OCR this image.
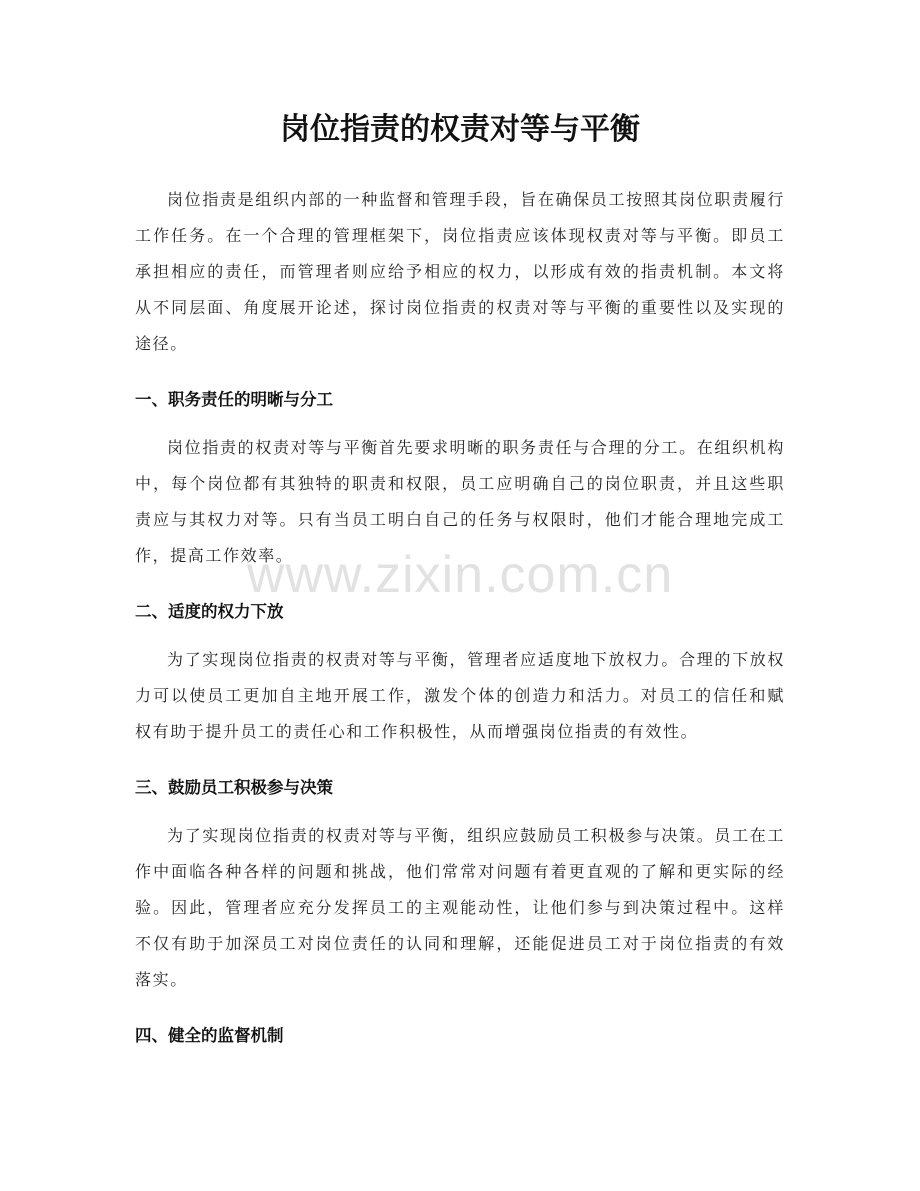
岗位指责的权责对等与平衡

岗位指责是组织内部的一种监督和管理手段，旨在确保员工按照其岗位职责履行工作任务。在一个合理的管理框架下，岗位指责应该体现权责对等与平衡。即员工承担相应的责任，而管理者则应给予相应的权力，以形成有效的指责机制。本文将从不同层面、角度展开论述，探讨岗位指责的权责对等与平衡的重要性以及实现的途径。

一、职务责任的明晰与分工

岗位指责的权责对等与平衡首先要求明晰的职务责任与合理的分工。在组织机构中，每个岗位都有其独特的职责和权限，员工应明确自己的岗位职责，并且这些职责应与其权力对等。只有当员工明白自己的任务与权限时，他们才能合理地完成工作，提高工作效率。

二、适度的权力下放

为了实现岗位指责的权责对等与平衡，管理者应适度地下放权力。合理的下放权力可以使员工更加自主地开展工作，激发个体的创造力和活力。对员工的信任和赋权有助于提升员工的责任心和工作积极性，从而增强岗位指责的有效性。

三、鼓励员工积极参与决策

为了实现岗位指责的权责对等与平衡，组织应鼓励员工积极参与决策。员工在工作中面临各种各样的问题和挑战，他们常常对问题有着更直观的了解和更实际的经验。因此，管理者应充分发挥员工的主观能动性，让他们参与到决策过程中。这样不仅有助于加深员工对岗位责任的认同和理解，还能促进员工对于岗位指责的有效落实。

四、健全的监督机制
www.zixin.com.cn
